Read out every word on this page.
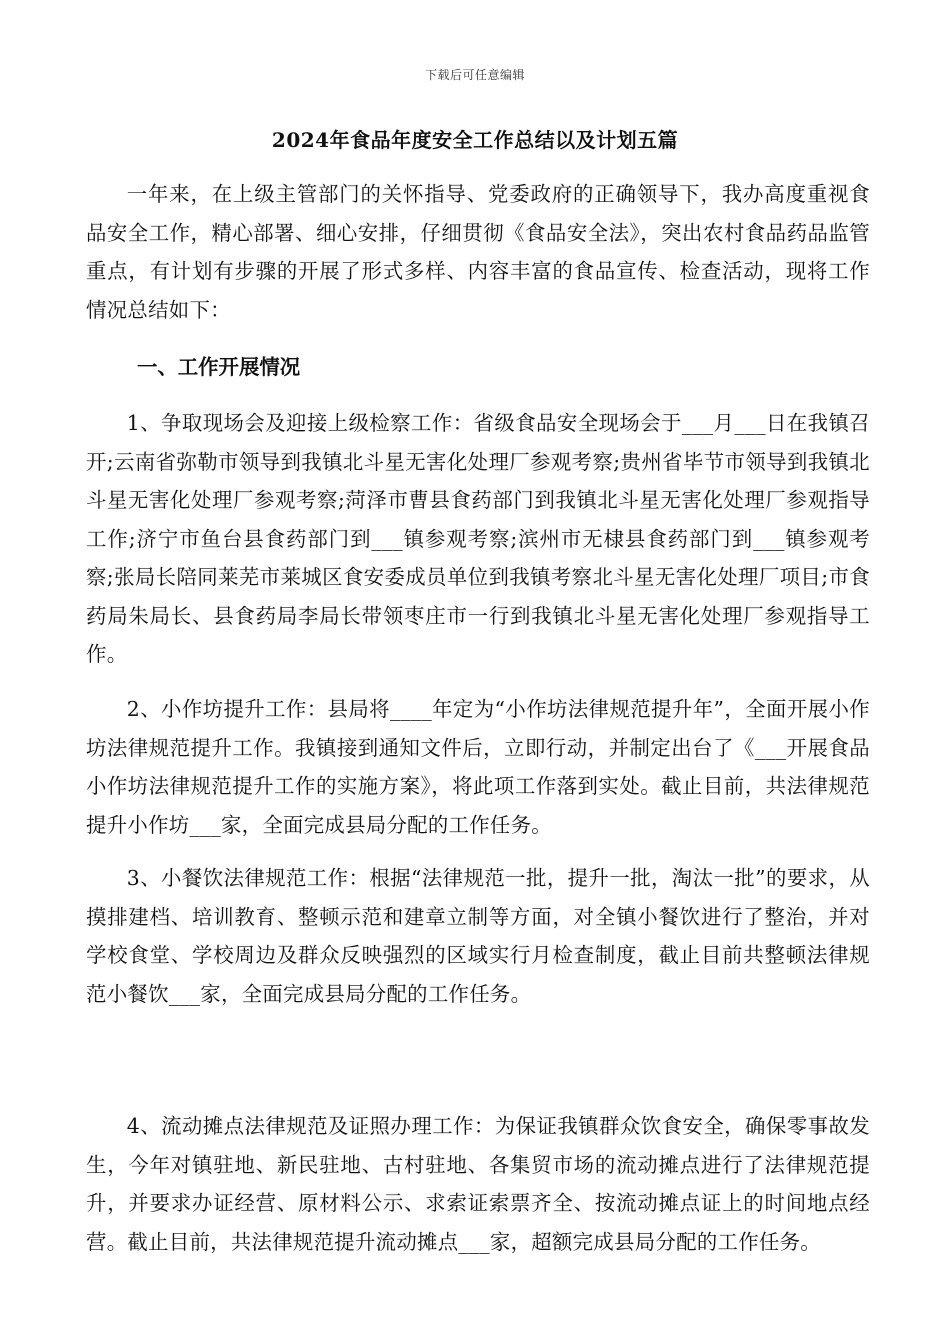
下载后可任意编辑
2024年食品年度安全工作总结以及计划五篇

一年来，在上级主管部门的关怀指导、党委政府的正确领导下，我办高度重视食品安全工作，精心部署、细心安排，仔细贯彻《食品安全法》，突出农村食品药品监管重点，有计划有步骤的开展了形式多样、内容丰富的食品宣传、检查活动，现将工作情况总结如下：

一、工作开展情况

1、争取现场会及迎接上级检察工作：省级食品安全现场会于___月___日在我镇召开;云南省弥勒市领导到我镇北斗星无害化处理厂参观考察;贵州省毕节市领导到我镇北斗星无害化处理厂参观考察;菏泽市曹县食药部门到我镇北斗星无害化处理厂参观指导工作;济宁市鱼台县食药部门到___镇参观考察;滨州市无棣县食药部门到___镇参观考察;张局长陪同莱芜市莱城区食安委成员单位到我镇考察北斗星无害化处理厂项目;市食药局朱局长、县食药局李局长带领枣庄市一行到我镇北斗星无害化处理厂参观指导工作。

2、小作坊提升工作：县局将____年定为“小作坊法律规范提升年”，全面开展小作坊法律规范提升工作。我镇接到通知文件后，立即行动，并制定出台了《___开展食品小作坊法律规范提升工作的实施方案》，将此项工作落到实处。截止目前，共法律规范提升小作坊___家，全面完成县局分配的工作任务。

3、小餐饮法律规范工作：根据“法律规范一批，提升一批，淘汰一批”的要求，从摸排建档、培训教育、整顿示范和建章立制等方面，对全镇小餐饮进行了整治，并对学校食堂、学校周边及群众反映强烈的区域实行月检查制度，截止目前共整顿法律规范小餐饮___家，全面完成县局分配的工作任务。

4、流动摊点法律规范及证照办理工作：为保证我镇群众饮食安全，确保零事故发生，今年对镇驻地、新民驻地、古村驻地、各集贸市场的流动摊点进行了法律规范提升，并要求办证经营、原材料公示、求索证索票齐全、按流动摊点证上的时间地点经营。截止目前，共法律规范提升流动摊点___家，超额完成县局分配的工作任务。
